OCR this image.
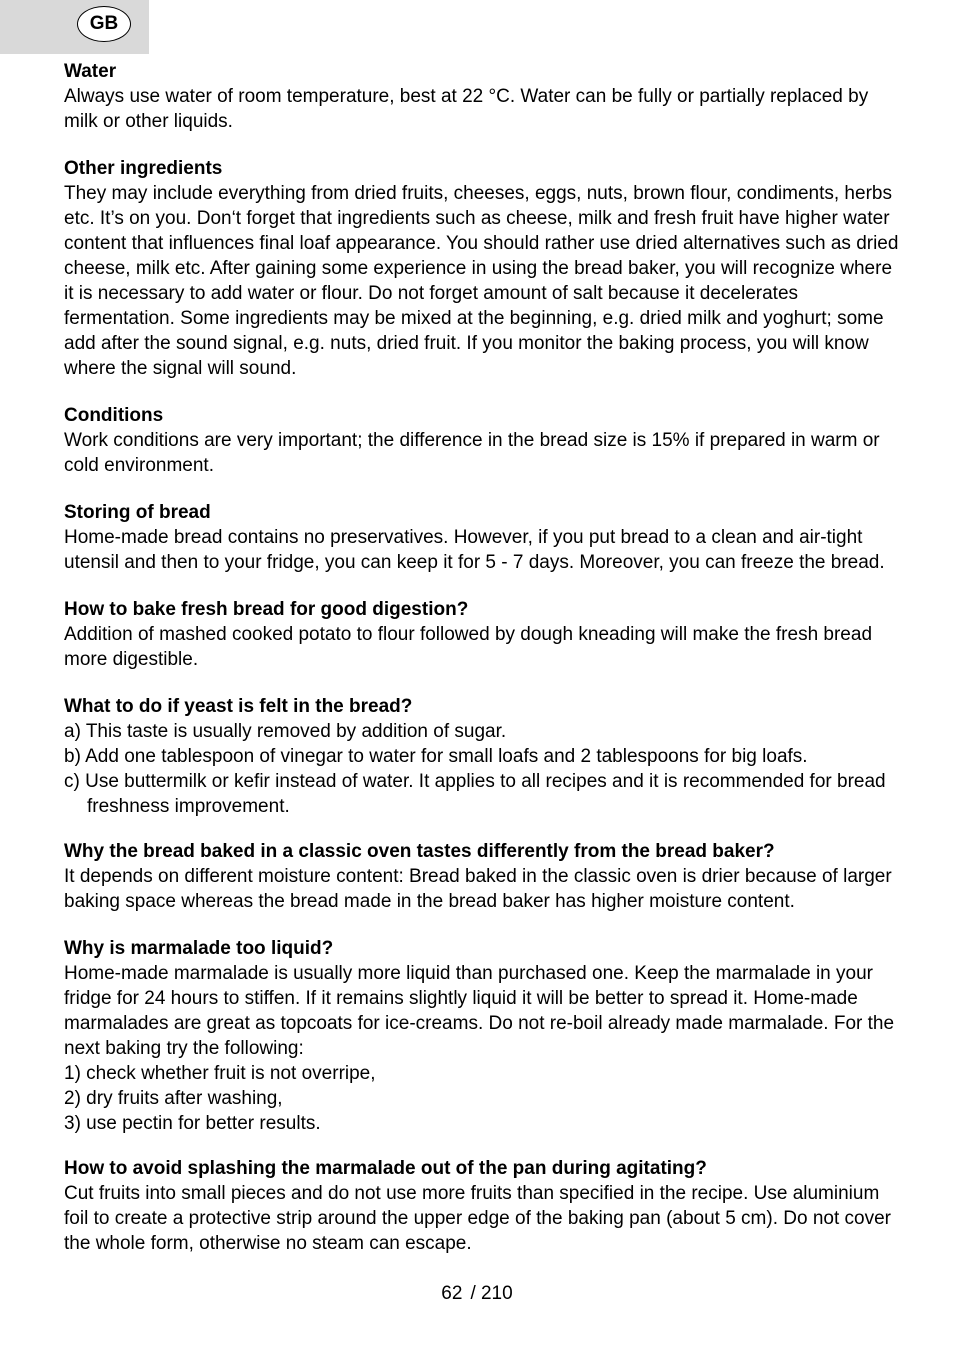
GB
Water

Always use water of room temperature, best at 22 °C. Water can be fully or partially replaced by milk or other liquids.

Other ingredients

They may include everything from dried fruits, cheeses, eggs, nuts, brown flour, condiments, herbs etc. It’s on you. Don‘t forget that ingredients such as cheese, milk and fresh fruit have higher water content that influences final loaf appearance. You should rather use dried alternatives such as dried cheese, milk etc. After gaining some experience in using the bread baker, you will recognize where it is necessary to add water or flour. Do not forget amount of salt because it decelerates fermentation. Some ingredients may be mixed at the beginning, e.g. dried milk and yoghurt; some add after the sound signal, e.g. nuts, dried fruit. If you monitor the baking process, you will know where the signal will sound.

Conditions

Work conditions are very important; the difference in the bread size is 15% if prepared in warm or cold environment.

Storing of bread

Home-made bread contains no preservatives. However, if you put bread to a clean and air-tight utensil and then to your fridge, you can keep it for 5 - 7 days. Moreover, you can freeze the bread.

How to bake fresh bread for good digestion?

Addition of mashed cooked potato to flour followed by dough kneading will make the fresh bread more digestible.

What to do if yeast is felt in the bread?

a) This taste is usually removed by addition of sugar.

b) Add one tablespoon of vinegar to water for small loafs and 2 tablespoons for big loafs.

c) Use buttermilk or kefir instead of water. It applies to all recipes and it is recommended for bread freshness improvement.

Why the bread baked in a classic oven tastes differently from the bread baker?

It depends on different moisture content: Bread baked in the classic oven is drier because of larger baking space whereas the bread made in the bread baker has higher moisture content.

Why is marmalade too liquid?

Home-made marmalade is usually more liquid than purchased one. Keep the marmalade in your fridge for 24 hours to stiffen. If it remains slightly liquid it will be better to spread it. Home-made marmalades are great as topcoats for ice-creams. Do not re-boil already made marmalade. For the next baking try the following:

1) check whether fruit is not overripe,

2) dry fruits after washing,

3) use pectin for better results.

How to avoid splashing the marmalade out of the pan during agitating?

Cut fruits into small pieces and do not use more fruits than specified in the recipe. Use aluminium foil to create a protective strip around the upper edge of the baking pan (about 5 cm). Do not cover the whole form, otherwise no steam can escape.

62 / 210
